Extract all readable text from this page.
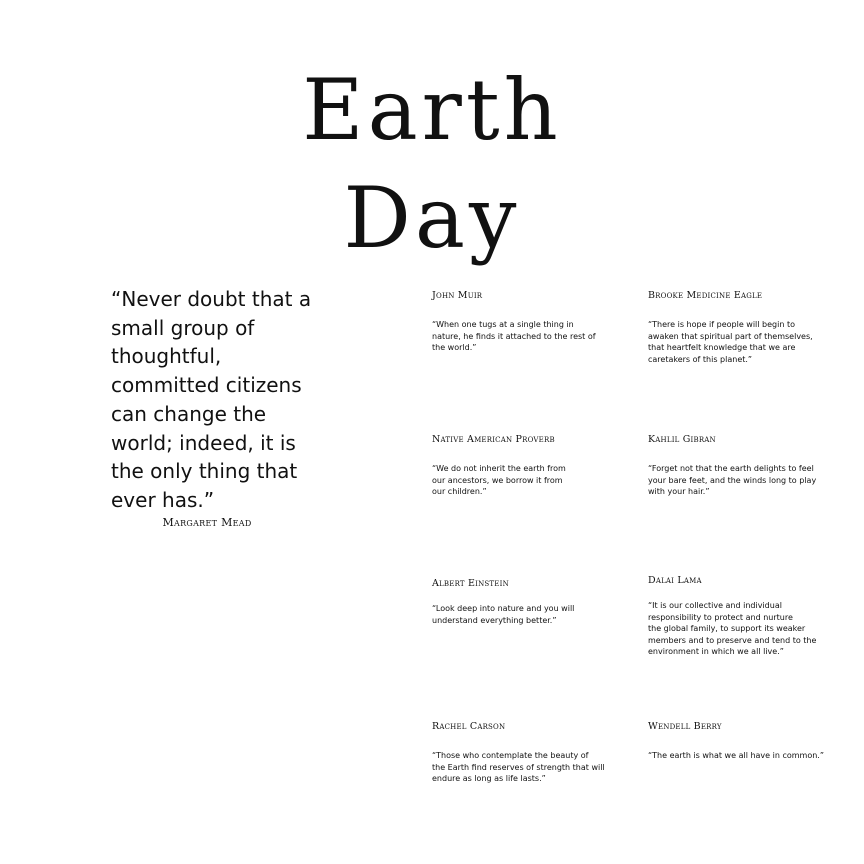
Earth
Day
“Never doubt that a small group of thoughtful, committed citizens can change the world; indeed, it is the only thing that ever has.”
Margaret Mead
John Muir
“When one tugs at a single thing in
nature, he finds it attached to the rest of
the world.”
Brooke Medicine Eagle
“There is hope if people will begin to
awaken that spiritual part of themselves,
that heartfelt knowledge that we are
caretakers of this planet.”
Native American Proverb
“We do not inherit the earth from
our ancestors, we borrow it from
our children.”
Kahlil Gibran
“Forget not that the earth delights to feel
your bare feet, and the winds long to play
with your hair.”
Albert Einstein
“Look deep into nature and you will
understand everything better.”
Dalai Lama
“It is our collective and individual
responsibility to protect and nurture
the global family, to support its weaker
members and to preserve and tend to the
environment in which we all live.”
Rachel Carson
“Those who contemplate the beauty of
the Earth find reserves of strength that will
endure as long as life lasts.”
Wendell Berry
“The earth is what we all have in common.”
